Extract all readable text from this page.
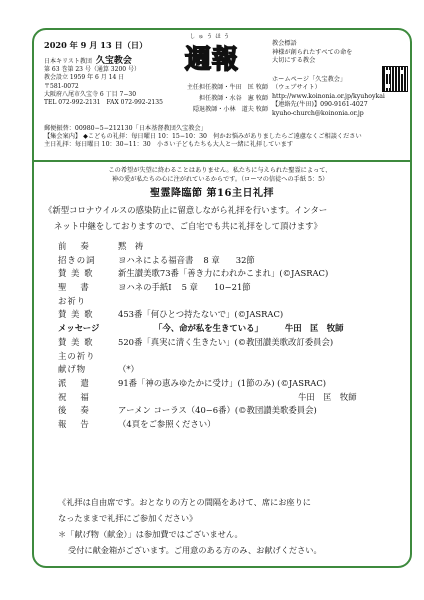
2020 年 9 月 13 日（日）
日本キリスト教団 久宝教会
第 63 巻第 23 号（通算 3200 号）
教会設立 1959 年 6 月 14 日
〒581-0072
大阪府八尾市久宝寺 6 丁目 7−30
TEL 072-992-2131　FAX 072-992-2135
しゅうほう
週報
主任担任教師・牛田　匡 牧師
担任教師・水谷　憲 牧師
隠退教師・小林　道夫 牧師
教会標語
神様が創られたすべての命を
大切にする教会
ホームページ「久宝教会」
（ウェブサイト）
http://www.koinonia.or.jp/kyuhoykai
【連絡先(牛田)】090-9161-4027
kyuho-church@koinonia.or.jp
郵便振替：00980−5−212130「日本基督教団久宝教会」
【集会案内】 ◆こどもの礼拝：毎日曜日 10：15−10：30　何かお悩みがありましたらご遠慮なくご相談ください
主日礼拝：毎日曜日 10：30−11：30　小さい子どもたちも大人と一緒に礼拝しています
この希望が失望に終わることはありません。私たちに与えられた聖霊によって、
神の愛が私たちの心に注がれているからです。（ローマの信徒への手紙 5：5）
聖霊降臨節 第16主日礼拝
《新型コロナウイルスの感染防止に留意しながら礼拝を行います。インター
ネット中継をしておりますので、ご自宅でも共に礼拝をして頂けます》
前　 奏	黙　祷
招きの詞	ヨハネによる福音書 8 章 32節
賛 美 歌	新生讃美歌73番「善き力にわれかこまれ」(©JASRAC)
聖　 書	ヨハネの手紙Ⅰ 5 章 10−21節
お祈り
賛 美 歌	453番「何ひとつ持たないで」(©JASRAC)
メッセージ	「今、命が私を生きている」	牛田　匡　牧師
賛 美 歌	520番「真実に清く生きたい」(©教団讃美歌改訂委員会)
主の祈り
献げ物	（*）
派　 遣	91番「神の恵みゆたかに受け」(1節のみ) (©JASRAC)
祝　 福	牛田　匡　牧師
後　 奏	アーメン コーラス（40−6番）(©教団讃美歌委員会)
報　 告	（4頁をご参照ください）
《礼拝は自由席です。おとなりの方との間隔をあけて、席にお座りに
なったままで礼拝にご参加ください》
＊「献げ物（献金）」は参加費ではございません。
受付に献金箱がございます。ご用意のある方のみ、お献げください。
